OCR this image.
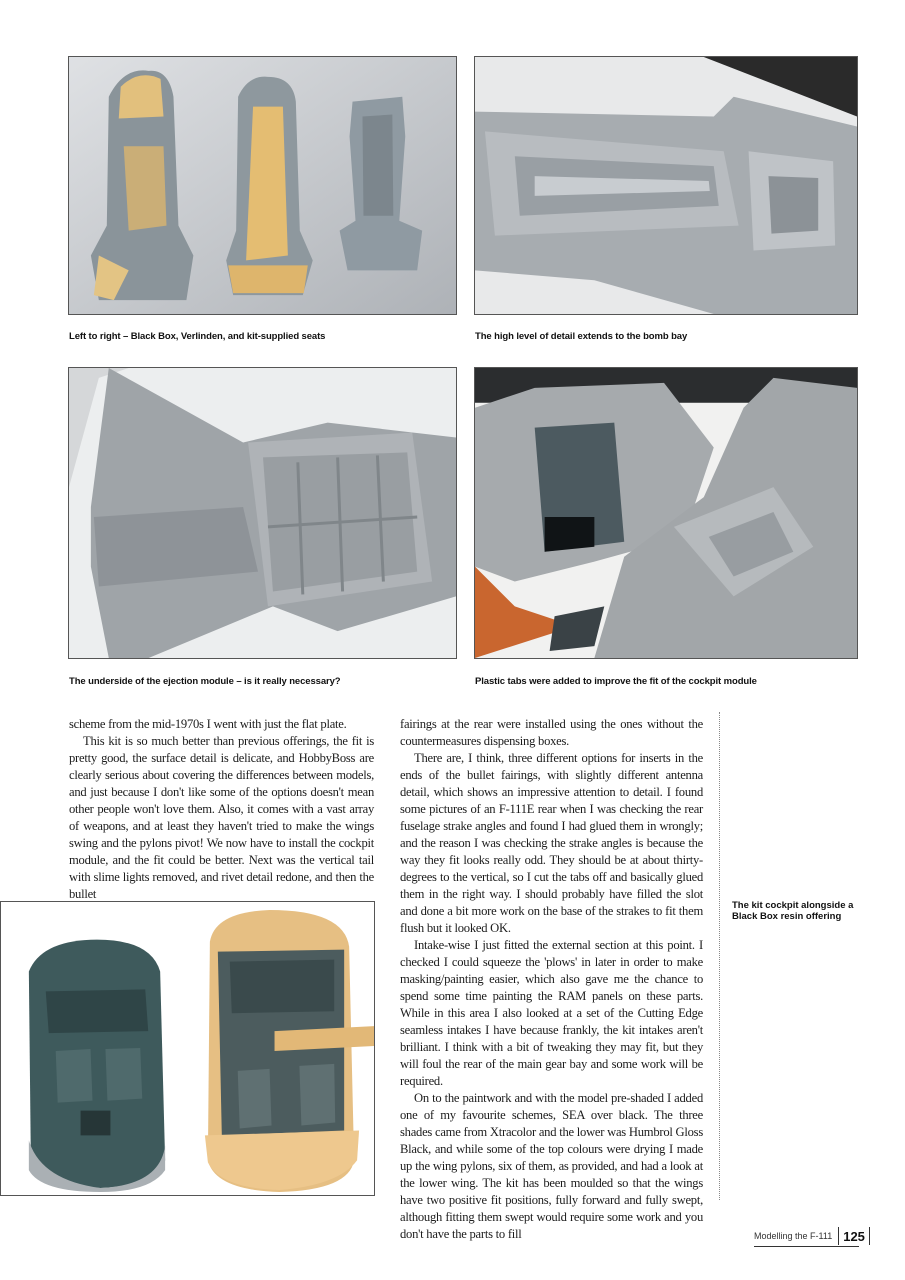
Left to right – Black Box, Verlinden, and kit-supplied seats	The high level of detail extends to the bomb bay
The underside of the ejection module – is it really necessary?	Plastic tabs were added to improve the fit of the cockpit module

scheme from the mid-1970s I went with just the flat plate.

This kit is so much better than previous offerings, the fit is pretty good, the surface detail is delicate, and HobbyBoss are clearly serious about covering the differences between models, and just because I don't like some of the options doesn't mean other people won't love them. Also, it comes with a vast array of weapons, and at least they haven't tried to make the wings swing and the pylons pivot! We now have to install the cockpit module, and the fit could be better. Next was the vertical tail with slime lights removed, and rivet detail redone, and then the bullet

fairings at the rear were installed using the ones without the countermeasures dispensing boxes.

There are, I think, three different options for inserts in the ends of the bullet fairings, with slightly different antenna detail, which shows an impressive attention to detail. I found some pictures of an F-111E rear when I was checking the rear fuselage strake angles and found I had glued them in wrongly; and the reason I was checking the strake angles is because the way they fit looks really odd. They should be at about thirty-degrees to the vertical, so I cut the tabs off and basically glued them in the right way. I should probably have filled the slot and done a bit more work on the base of the strakes to fit them flush but it looked OK.

Intake-wise I just fitted the external section at this point. I checked I could squeeze the 'plows' in later in order to make masking/painting easier, which also gave me the chance to spend some time painting the RAM panels on these parts. While in this area I also looked at a set of the Cutting Edge seamless intakes I have because frankly, the kit intakes aren't brilliant. I think with a bit of tweaking they may fit, but they will foul the rear of the main gear bay and some work will be required.

On to the paintwork and with the model pre-shaded I added one of my favourite schemes, SEA over black. The three shades came from Xtracolor and the lower was Humbrol Gloss Black, and while some of the top colours were drying I made up the wing pylons, six of them, as provided, and had a look at the lower wing. The kit has been moulded so that the wings have two positive fit positions, fully forward and fully swept, although fitting them swept would require some work and you don't have the parts to fill

The kit cockpit alongside a Black Box resin offering
Modelling the F-111 125
